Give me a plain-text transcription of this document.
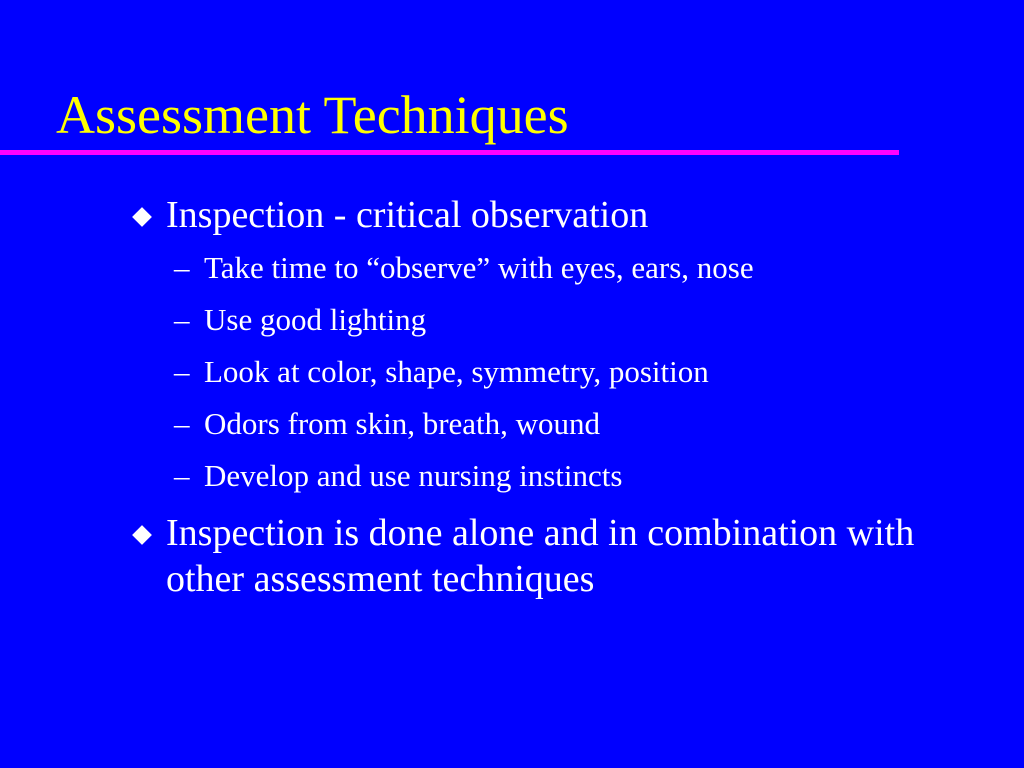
Assessment Techniques
Inspection - critical observation
– Take time to “observe” with eyes, ears, nose
– Use good lighting
– Look at color, shape, symmetry, position
– Odors from skin, breath, wound
– Develop and use nursing instincts
Inspection is done alone and in combination with other assessment techniques
